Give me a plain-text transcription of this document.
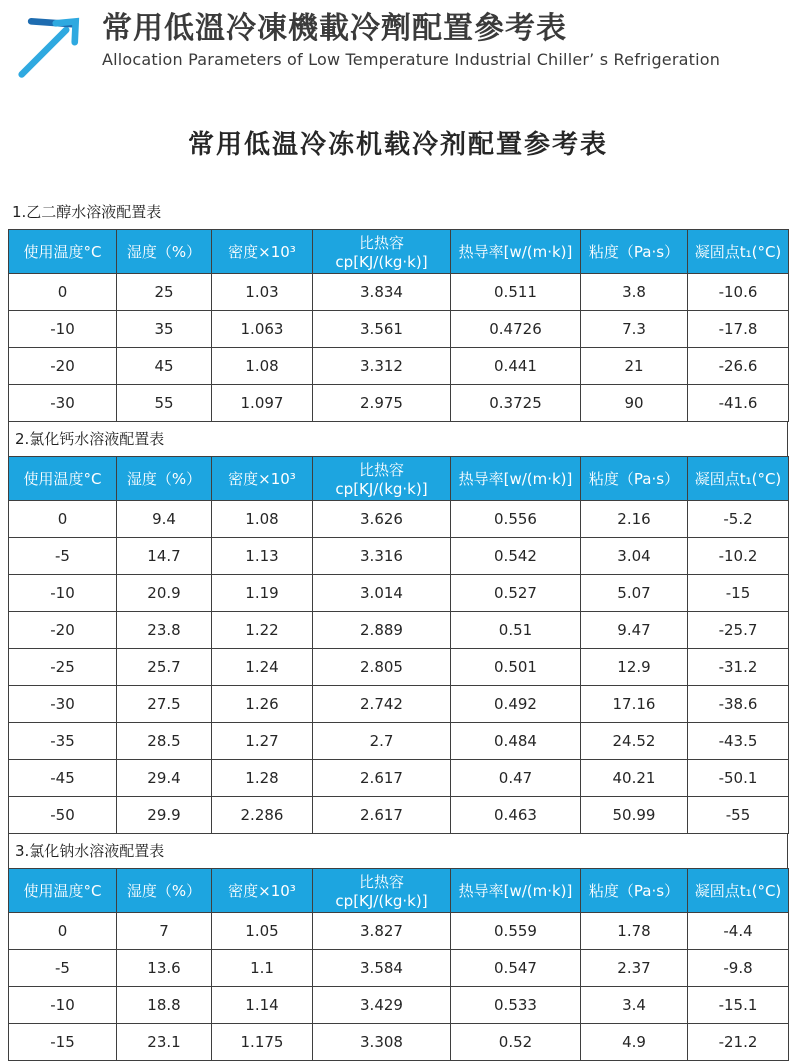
常用低溫冷凍機載冷劑配置參考表
Allocation Parameters of Low Temperature Industrial Chiller’ s Refrigeration
常用低温冷冻机载冷剂配置参考表
1.乙二醇水溶液配置表
使用温度°C	湿度（%）	密度×10³	比热容cp[KJ/(kg·k)]	热导率[w/(m·k)]	粘度（Pa·s）	凝固点t₁(°C)
0	25	1.03	3.834	0.511	3.8	-10.6
-10	35	1.063	3.561	0.4726	7.3	-17.8
-20	45	1.08	3.312	0.441	21	-26.6
-30	55	1.097	2.975	0.3725	90	-41.6
2.氯化钙水溶液配置表
使用温度°C	湿度（%）	密度×10³	比热容cp[KJ/(kg·k)]	热导率[w/(m·k)]	粘度（Pa·s）	凝固点t₁(°C)
0	9.4	1.08	3.626	0.556	2.16	-5.2
-5	14.7	1.13	3.316	0.542	3.04	-10.2
-10	20.9	1.19	3.014	0.527	5.07	-15
-20	23.8	1.22	2.889	0.51	9.47	-25.7
-25	25.7	1.24	2.805	0.501	12.9	-31.2
-30	27.5	1.26	2.742	0.492	17.16	-38.6
-35	28.5	1.27	2.7	0.484	24.52	-43.5
-45	29.4	1.28	2.617	0.47	40.21	-50.1
-50	29.9	2.286	2.617	0.463	50.99	-55
3.氯化钠水溶液配置表
使用温度°C	湿度（%）	密度×10³	比热容cp[KJ/(kg·k)]	热导率[w/(m·k)]	粘度（Pa·s）	凝固点t₁(°C)
0	7	1.05	3.827	0.559	1.78	-4.4
-5	13.6	1.1	3.584	0.547	2.37	-9.8
-10	18.8	1.14	3.429	0.533	3.4	-15.1
-15	23.1	1.175	3.308	0.52	4.9	-21.2
